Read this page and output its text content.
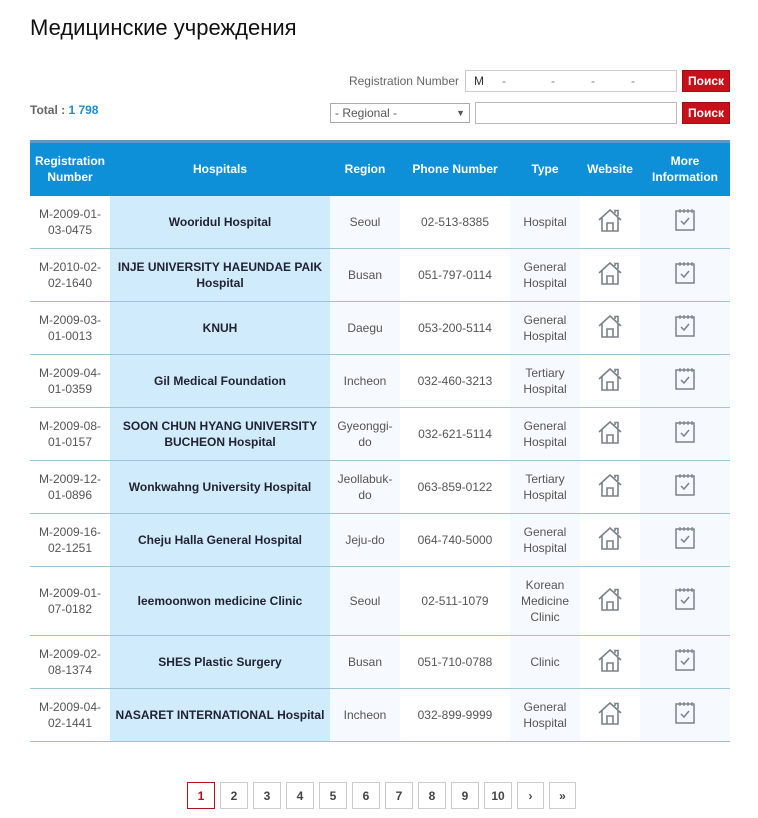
Медицинские учреждения
Total : 1 798
Registration Number M	-	-	-	-	Поиск
- Regional -	▼	Поиск
Registration Number	Hospitals	Region	Phone Number	Type	Website	More Information
M-2009-01-03-0475	Wooridul Hospital	Seoul	02-513-8385	Hospital		
M-2010-02-02-1640	INJE UNIVERSITY HAEUNDAE PAIK Hospital	Busan	051-797-0114	General Hospital		
M-2009-03-01-0013	KNUH	Daegu	053-200-5114	General Hospital		
M-2009-04-01-0359	Gil Medical Foundation	Incheon	032-460-3213	Tertiary Hospital		
M-2009-08-01-0157	SOON CHUN HYANG UNIVERSITY BUCHEON Hospital	Gyeonggi-do	032-621-5114	General Hospital		
M-2009-12-01-0896	Wonkwahng University Hospital	Jeollabuk-do	063-859-0122	Tertiary Hospital		
M-2009-16-02-1251	Cheju Halla General Hospital	Jeju-do	064-740-5000	General Hospital		
M-2009-01-07-0182	leemoonwon medicine Clinic	Seoul	02-511-1079	Korean Medicine Clinic		
M-2009-02-08-1374	SHES Plastic Surgery	Busan	051-710-0788	Clinic		
M-2009-04-02-1441	NASARET INTERNATIONAL Hospital	Incheon	032-899-9999	General Hospital		
1	2	3	4	5	6	7	8	9	10	›	»
